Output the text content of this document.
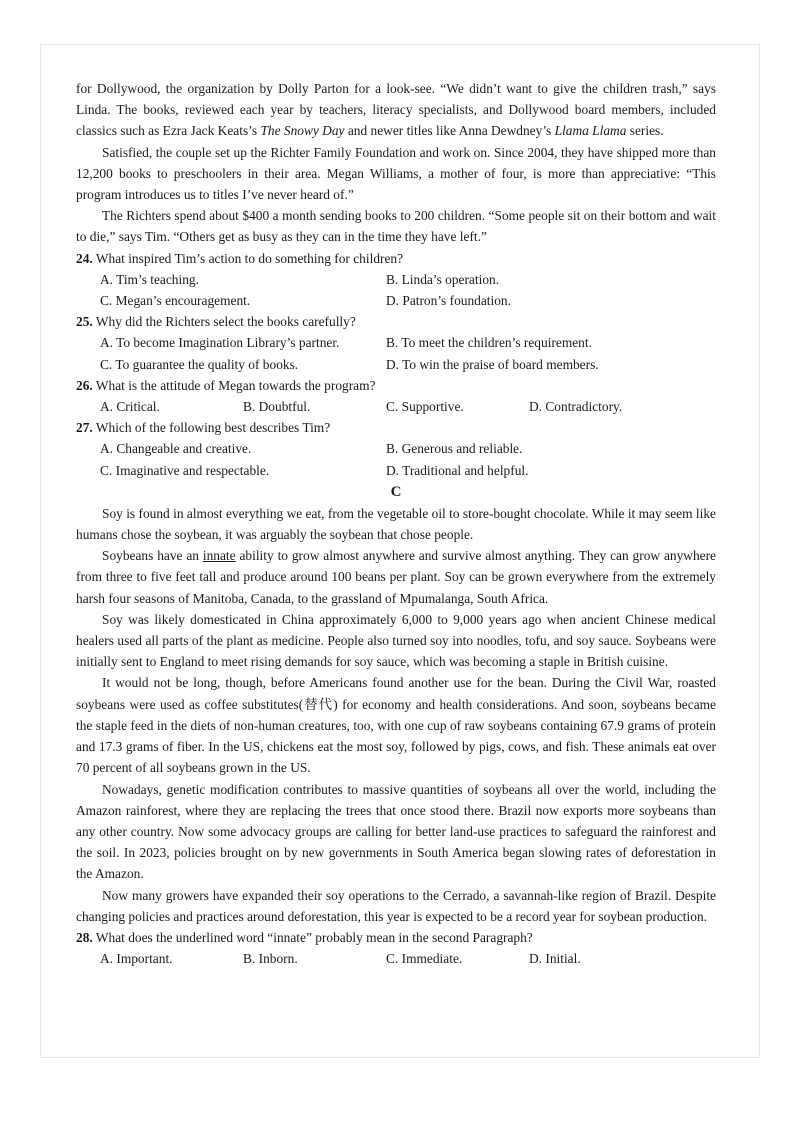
for Dollywood, the organization by Dolly Parton for a look-see. “We didn’t want to give the children trash,” says Linda. The books, reviewed each year by teachers, literacy specialists, and Dollywood board members, included classics such as Ezra Jack Keats’s The Snowy Day and newer titles like Anna Dewdney’s Llama Llama series.

Satisfied, the couple set up the Richter Family Foundation and work on. Since 2004, they have shipped more than 12,200 books to preschoolers in their area. Megan Williams, a mother of four, is more than appreciative: “This program introduces us to titles I’ve never heard of.”

The Richters spend about $400 a month sending books to 200 children. “Some people sit on their bottom and wait to die,” says Tim. “Others get as busy as they can in the time they have left.”

24. What inspired Tim’s action to do something for children?

A. Tim’s teaching.	B. Linda’s operation.
C. Megan’s encouragement.	D. Patron’s foundation.

25. Why did the Richters select the books carefully?

A. To become Imagination Library’s partner.	B. To meet the children’s requirement.
C. To guarantee the quality of books.	D. To win the praise of board members.

26. What is the attitude of Megan towards the program?

A. Critical.	B. Doubtful.	C. Supportive.	D. Contradictory.

27. Which of the following best describes Tim?

A. Changeable and creative.	B. Generous and reliable.
C. Imaginative and respectable.	D. Traditional and helpful.

C

Soy is found in almost everything we eat, from the vegetable oil to store-bought chocolate. While it may seem like humans chose the soybean, it was arguably the soybean that chose people.

Soybeans have an innate ability to grow almost anywhere and survive almost anything. They can grow anywhere from three to five feet tall and produce around 100 beans per plant. Soy can be grown everywhere from the extremely harsh four seasons of Manitoba, Canada, to the grassland of Mpumalanga, South Africa.

Soy was likely domesticated in China approximately 6,000 to 9,000 years ago when ancient Chinese medical healers used all parts of the plant as medicine. People also turned soy into noodles, tofu, and soy sauce. Soybeans were initially sent to England to meet rising demands for soy sauce, which was becoming a staple in British cuisine.

It would not be long, though, before Americans found another use for the bean. During the Civil War, roasted soybeans were used as coffee substitutes(替代) for economy and health considerations. And soon, soybeans became the staple feed in the diets of non-human creatures, too, with one cup of raw soybeans containing 67.9 grams of protein and 17.3 grams of fiber. In the US, chickens eat the most soy, followed by pigs, cows, and fish. These animals eat over 70 percent of all soybeans grown in the US.

Nowadays, genetic modification contributes to massive quantities of soybeans all over the world, including the Amazon rainforest, where they are replacing the trees that once stood there. Brazil now exports more soybeans than any other country. Now some advocacy groups are calling for better land-use practices to safeguard the rainforest and the soil. In 2023, policies brought on by new governments in South America began slowing rates of deforestation in the Amazon.

Now many growers have expanded their soy operations to the Cerrado, a savannah-like region of Brazil. Despite changing policies and practices around deforestation, this year is expected to be a record year for soybean production.

28. What does the underlined word “innate” probably mean in the second Paragraph?

A. Important.	B. Inborn.	C. Immediate.	D. Initial.
